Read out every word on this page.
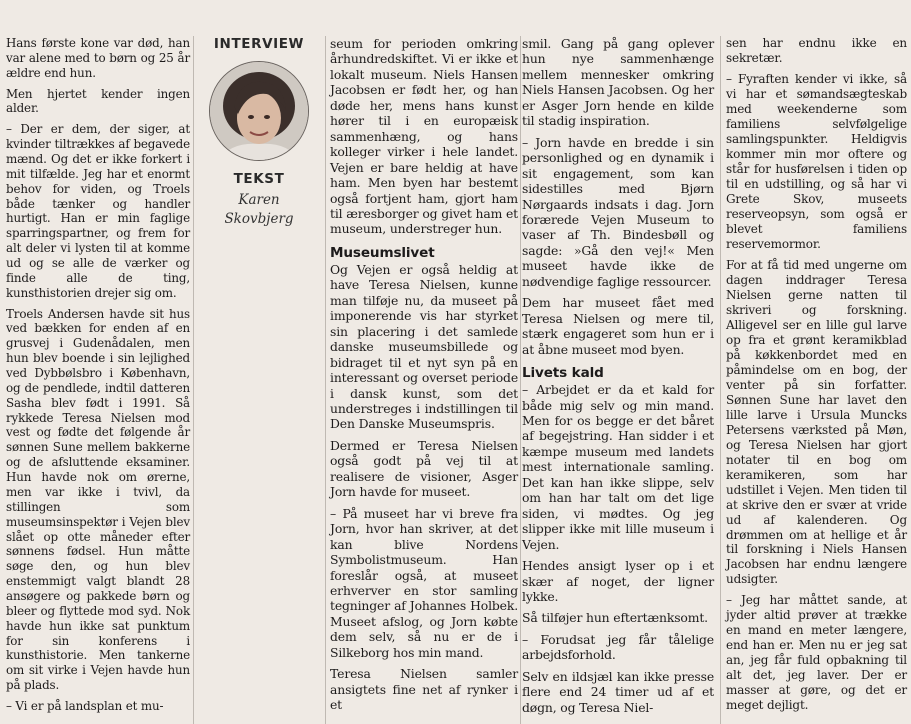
Hans første kone var død, han var alene med to børn og 25 år ældre end hun.

Men hjertet kender ingen alder.

– Der er dem, der siger, at kvinder tiltrækkes af begavede mænd. Og det er ikke forkert i mit tilfælde. Jeg har et enormt behov for viden, og Troels både tænker og handler hurtigt. Han er min faglige sparringspartner, og frem for alt deler vi lysten til at komme ud og se alle de værker og finde alle de ting, kunsthistorien drejer sig om.

Troels Andersen havde sit hus ved bækken for enden af en grusvej i Gudenådalen, men hun blev boende i sin lejlighed ved Dybbølsbro i København, og de pendlede, indtil datteren Sasha blev født i 1991. Så rykkede Teresa Nielsen mod vest og fødte det følgende år sønnen Sune mellem bakkerne og de afsluttende eksaminer. Hun havde nok om ørerne, men var ikke i tvivl, da stillingen som museumsinspektør i Vejen blev slået op otte måneder efter sønnens fødsel. Hun måtte søge den, og hun blev enstemmigt valgt blandt 28 ansøgere og pakkede børn og bleer og flyttede mod syd. Nok havde hun ikke sat punktum for sin konferens i kunsthistorie. Men tankerne om sit virke i Vejen havde hun på plads.

– Vi er på landsplan et mu-

INTERVIEW
TEKST
Karen
Skovbjerg

seum for perioden omkring århundredskiftet. Vi er ikke et lokalt museum. Niels Hansen Jacobsen er født her, og han døde her, mens hans kunst hører til i en europæisk sammenhæng, og hans kolleger virker i hele landet. Vejen er bare heldig at have ham. Men byen har bestemt også fortjent ham, gjort ham til æresborger og givet ham et museum, understreger hun.

Museumslivet

Og Vejen er også heldig at have Teresa Nielsen, kunne man tilføje nu, da museet på imponerende vis har styrket sin placering i det samlede danske museumsbillede og bidraget til et nyt syn på en interessant og overset periode i dansk kunst, som det understreges i indstillingen til Den Danske Museumspris.

Dermed er Teresa Nielsen også godt på vej til at realisere de visioner, Asger Jorn havde for museet.

– På museet har vi breve fra Jorn, hvor han skriver, at det kan blive Nordens Symbolistmuseum. Han foreslår også, at museet erhverver en stor samling tegninger af Johannes Holbek. Museet afslog, og Jorn købte dem selv, så nu er de i Silkeborg hos min mand.

Teresa Nielsen samler ansigtets fine net af rynker i et

smil. Gang på gang oplever hun nye sammenhænge mellem mennesker omkring Niels Hansen Jacobsen. Og her er Asger Jorn hende en kilde til stadig inspiration.

– Jorn havde en bredde i sin personlighed og en dynamik i sit engagement, som kan sidestilles med Bjørn Nørgaards indsats i dag. Jorn forærede Vejen Museum to vaser af Th. Bindesbøll og sagde: »Gå den vej!« Men museet havde ikke de nødvendige faglige ressourcer.

Dem har museet fået med Teresa Nielsen og mere til, stærk engageret som hun er i at åbne museet mod byen.

Livets kald

– Arbejdet er da et kald for både mig selv og min mand. Men for os begge er det båret af begejstring. Han sidder i et kæmpe museum med landets mest internationale samling. Det kan han ikke slippe, selv om han har talt om det lige siden, vi mødtes. Og jeg slipper ikke mit lille museum i Vejen.

Hendes ansigt lyser op i et skær af noget, der ligner lykke.

Så tilføjer hun eftertænksomt.

– Forudsat jeg får tålelige arbejdsforhold.

Selv en ildsjæl kan ikke presse flere end 24 timer ud af et døgn, og Teresa Niel-

sen har endnu ikke en sekretær.

– Fyraften kender vi ikke, så vi har et sømandsægteskab med weekenderne som familiens selvfølgelige samlingspunkter. Heldigvis kommer min mor oftere og står for husførelsen i tiden op til en udstilling, og så har vi Grete Skov, museets reserveopsyn, som også er blevet familiens reservemormor.

For at få tid med ungerne om dagen inddrager Teresa Nielsen gerne natten til skriveri og forskning. Alligevel ser en lille gul larve op fra et grønt keramikblad på køkkenbordet med en påmindelse om en bog, der venter på sin forfatter. Sønnen Sune har lavet den lille larve i Ursula Muncks Petersens værksted på Møn, og Teresa Nielsen har gjort notater til en bog om keramikeren, som har udstillet i Vejen. Men tiden til at skrive den er svær at vride ud af kalenderen. Og drømmen om at hellige et år til forskning i Niels Hansen Jacobsen har endnu længere udsigter.

– Jeg har måttet sande, at jyder altid prøver at trække en mand en meter længere, end han er. Men nu er jeg sat an, jeg får fuld opbakning til alt det, jeg laver. Der er masser at gøre, og det er meget dejligt.
